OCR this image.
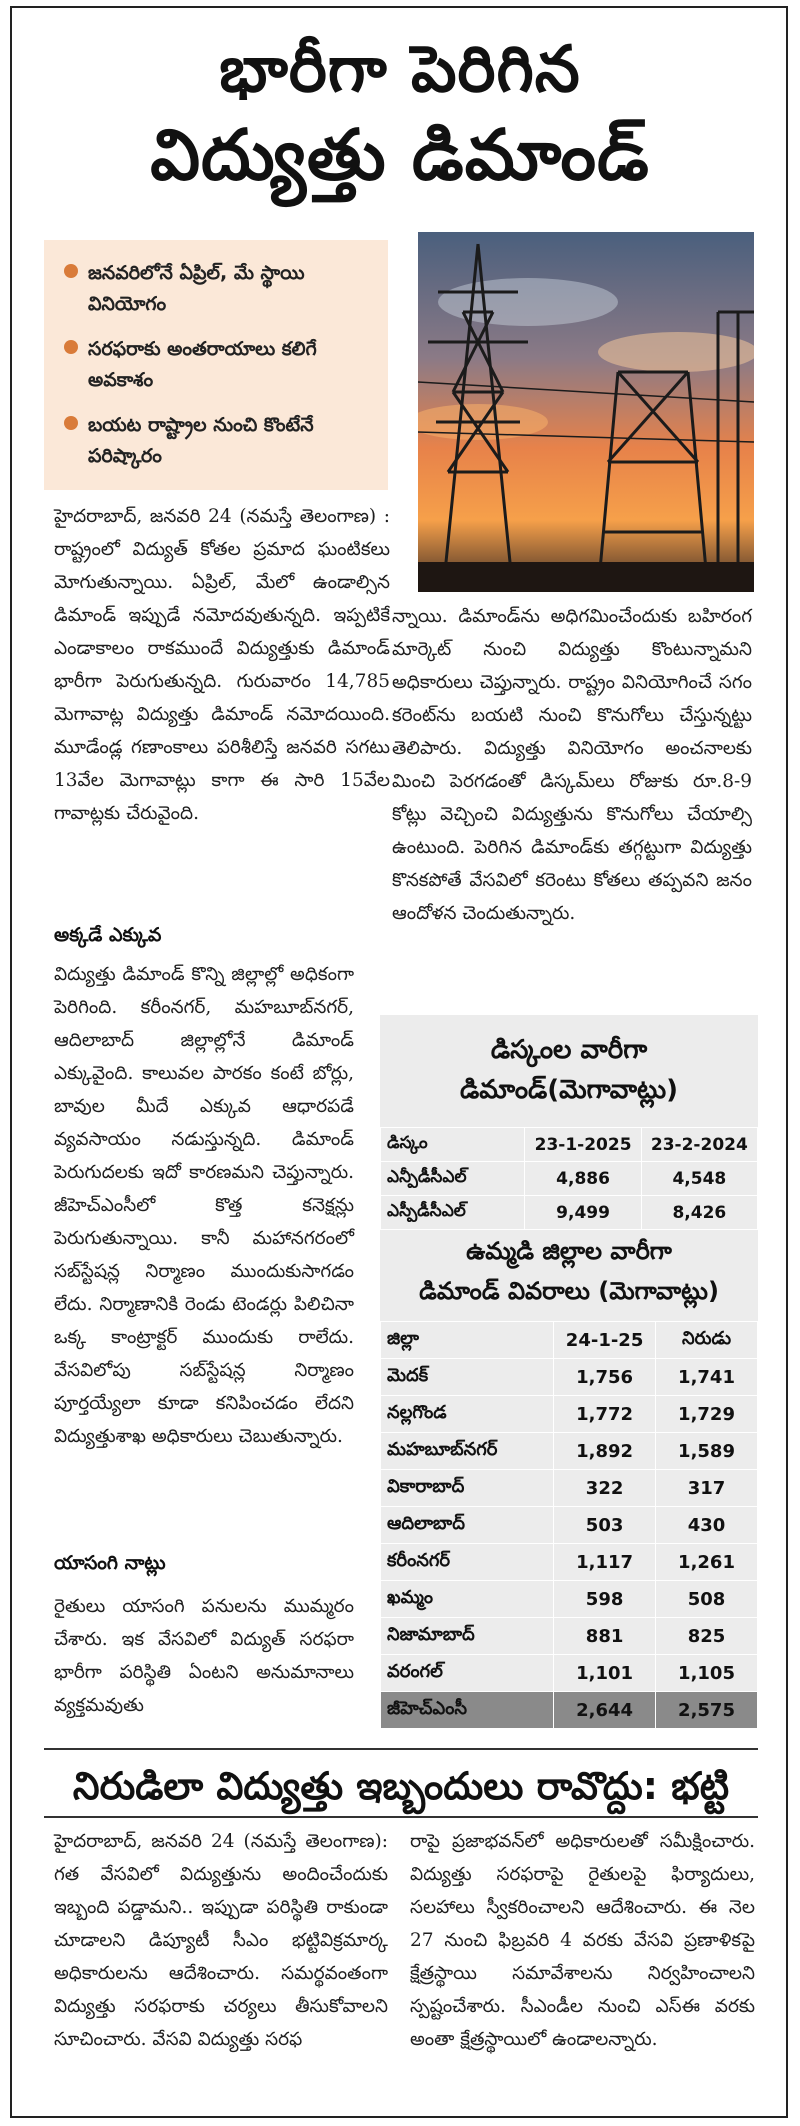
భారీగా పెరిగిన
విద్యుత్తు డిమాండ్
జనవరిలోనే ఏప్రిల్, మే స్థాయి వినియోగం
సరఫరాకు అంతరాయాలు కలిగే అవకాశం
బయట రాష్ట్రాల నుంచి కొంటేనే పరిష్కారం

హైదరాబాద్, జనవరి 24 (నమస్తే తెలంగాణ) : రాష్ట్రంలో విద్యుత్ కోతల ప్రమాద ఘంటికలు మోగుతున్నాయి. ఏప్రిల్, మేలో ఉండాల్సిన డిమాండ్ ఇప్పుడే నమోదవుతున్నది. ఇప్పటికే ఎండాకాలం రాకముందే విద్యుత్తుకు డిమాండ్ భారీగా పెరుగుతున్నది. గురువారం 14,785 మెగావాట్ల విద్యుత్తు డిమాండ్ నమోదయింది. మూడేండ్ల గణాంకాలు పరిశీలిస్తే జనవరి సగటు 13వేల మెగావాట్లు కాగా ఈ సారి 15వేల గావాట్లకు చేరువైంది.

అక్కడే ఎక్కువ

విద్యుత్తు డిమాండ్ కొన్ని జిల్లాల్లో అధికంగా పెరిగింది. కరీంనగర్, మహబూబ్‌నగర్, ఆదిలాబాద్ జిల్లాల్లోనే డిమాండ్ ఎక్కువైంది. కాలువల పారకం కంటే బోర్లు, బావుల మీదే ఎక్కువ ఆధారపడే వ్యవసాయం నడుస్తున్నది. డిమాండ్ పెరుగుదలకు ఇదో కారణమని చెప్తున్నారు. జీహెచ్ఎంసీలో కొత్త కనెక్షన్లు పెరుగుతున్నాయి. కానీ మహానగరంలో సబ్‌స్టేషన్ల నిర్మాణం ముందుకుసాగడం లేదు. నిర్మాణానికి రెండు టెండర్లు పిలిచినా ఒక్క కాంట్రాక్టర్ ముందుకు రాలేదు. వేసవిలోపు సబ్‌స్టేషన్ల నిర్మాణం పూర్తయ్యేలా కూడా కనిపించడం లేదని విద్యుత్తుశాఖ అధికారులు చెబుతున్నారు.

యాసంగి నాట్లు

రైతులు యాసంగి పనులను ముమ్మరం చేశారు. ఇక వేసవిలో విద్యుత్ సరఫరా భారీగా పరిస్థితి ఏంటని అనుమానాలు వ్యక్తమవుతు

న్నాయి. డిమాండ్‌ను అధిగమించేందుకు బహిరంగ మార్కెట్ నుంచి విద్యుత్తు కొంటున్నామని అధికారులు చెప్తున్నారు. రాష్ట్రం వినియోగించే సగం కరెంట్‌ను బయటి నుంచి కొనుగోలు చేస్తున్నట్టు తెలిపారు. విద్యుత్తు వినియోగం అంచనాలకు మించి పెరగడంతో డిస్కమ్‌లు రోజుకు రూ.8-9 కోట్లు వెచ్చించి విద్యుత్తును కొనుగోలు చేయాల్సి ఉంటుంది. పెరిగిన డిమాండ్‌కు తగ్గట్టుగా విద్యుత్తు కొనకపోతే వేసవిలో కరెంటు కోతలు తప్పవని జనం ఆందోళన చెందుతున్నారు.

డిస్కంల వారీగా
డిమాండ్(మెగావాట్లు)
డిస్కం	23-1-2025	23-2-2024
ఎన్పీడీసీఎల్	4,886	4,548
ఎస్పీడీసీఎల్	9,499	8,426
ఉమ్మడి జిల్లాల వారీగా
డిమాండ్ వివరాలు (మెగావాట్లు)
జిల్లా	24-1-25	నిరుడు
మెదక్	1,756	1,741
నల్లగొండ	1,772	1,729
మహబూబ్‌నగర్	1,892	1,589
వికారాబాద్	322	317
ఆదిలాబాద్	503	430
కరీంనగర్	1,117	1,261
ఖమ్మం	598	508
నిజామాబాద్	881	825
వరంగల్	1,101	1,105
జీహెచ్ఎంసీ	2,644	2,575
నిరుడిలా విద్యుత్తు ఇబ్బందులు రావొద్దు: భట్టి

హైదరాబాద్, జనవరి 24 (నమస్తే తెలంగాణ): గత వేసవిలో విద్యుత్తును అందించేందుకు ఇబ్బంది పడ్డామని.. ఇప్పుడా పరిస్థితి రాకుండా చూడాలని డిప్యూటీ సీఎం భట్టివిక్రమార్క అధికారులను ఆదేశించారు. సమర్థవంతంగా విద్యుత్తు సరఫరాకు చర్యలు తీసుకోవాలని సూచించారు. వేసవి విద్యుత్తు సరఫ

రాపై ప్రజాభవన్‌లో అధికారులతో సమీక్షించారు. విద్యుత్తు సరఫరాపై రైతులపై ఫిర్యాదులు, సలహాలు స్వీకరించాలని ఆదేశించారు. ఈ నెల 27 నుంచి ఫిబ్రవరి 4 వరకు వేసవి ప్రణాళికపై క్షేత్రస్థాయి సమావేశాలను నిర్వహించాలని స్పష్టంచేశారు. సీఎండీల నుంచి ఎస్ఈ వరకు అంతా క్షేత్రస్థాయిలో ఉండాలన్నారు.
